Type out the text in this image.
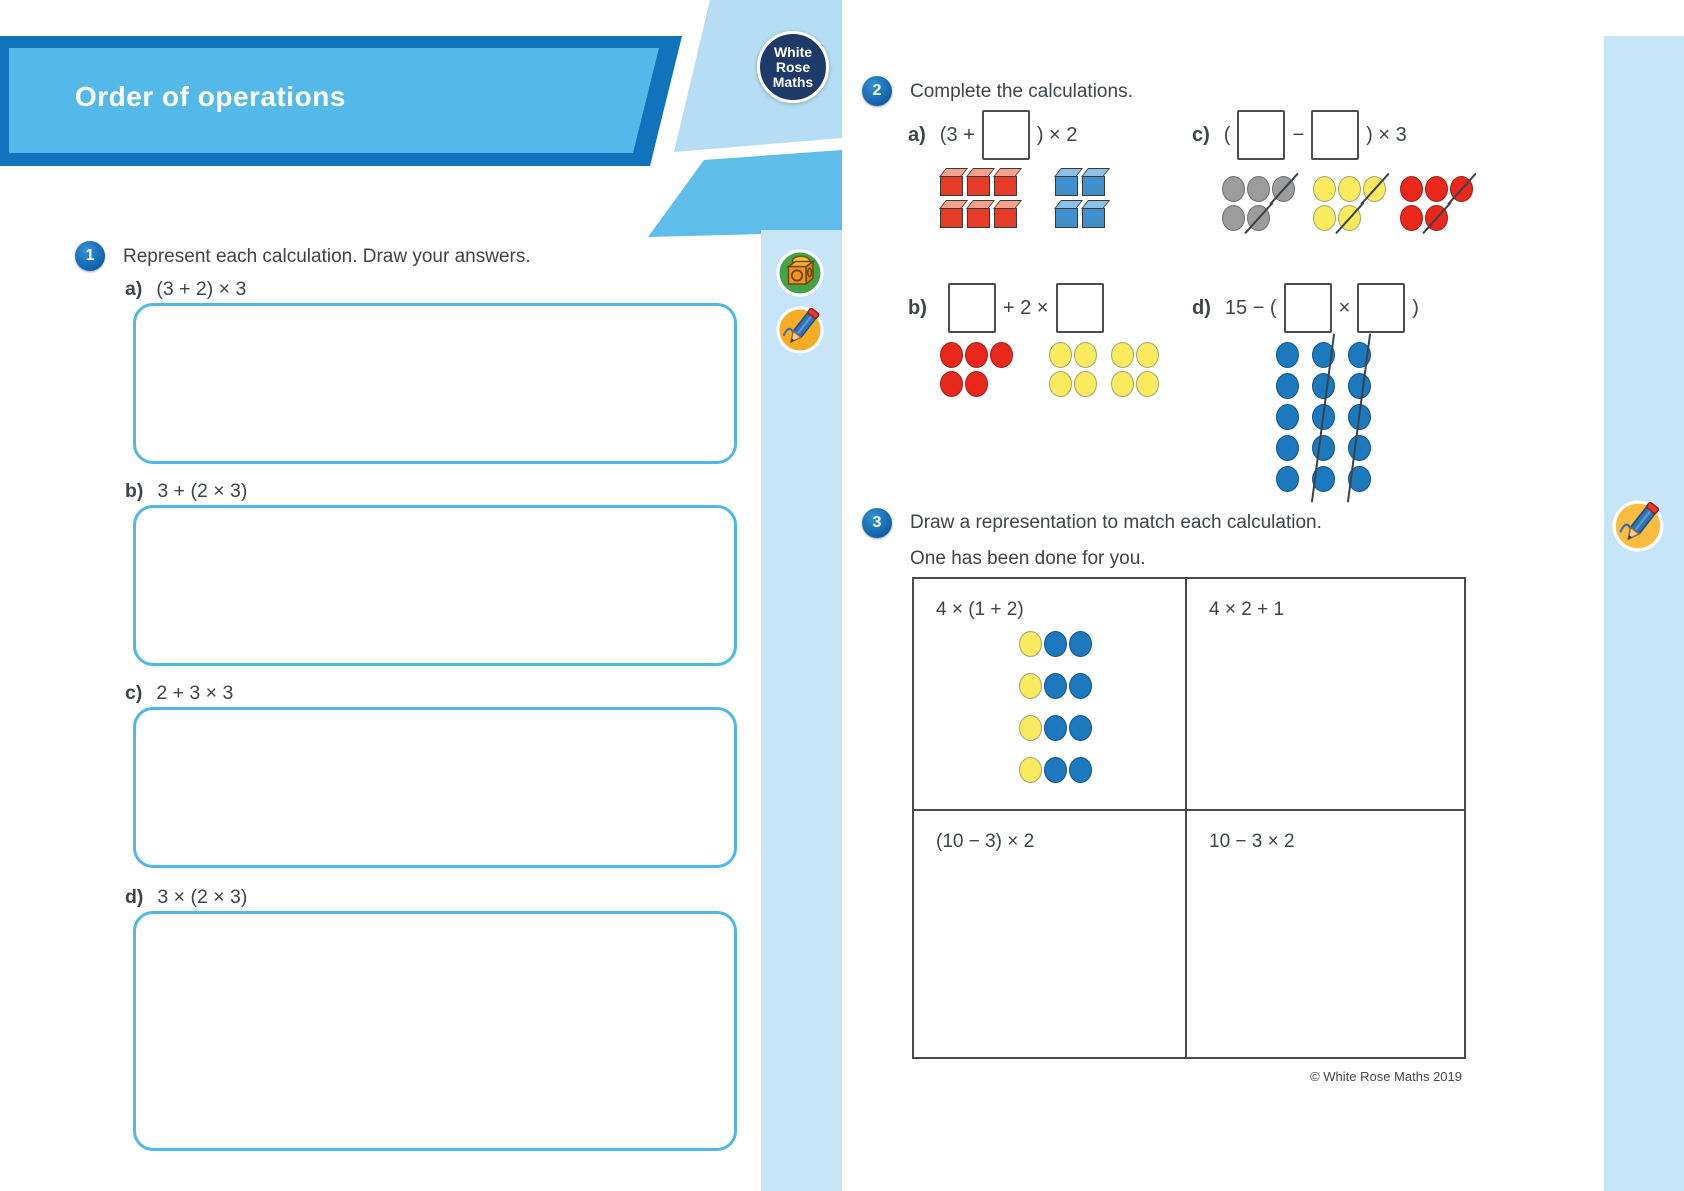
Order of operations
White
Rose
Maths
1	Represent each calculation. Draw your answers.
a) (3 + 2) × 3
b) 3 + (2 × 3)
c) 2 + 3 × 3
d) 3 × (2 × 3)
2	Complete the calculations.
a) (3 +	) × 2	c) (	−	) × 3
b)	+ 2 ×	d) 15 − (	×	)
3	Draw a representation to match each calculation.
One has been done for you.
4 × (1 + 2)	4 × 2 + 1
(10 − 3) × 2	10 − 3 × 2
© White Rose Maths 2019
